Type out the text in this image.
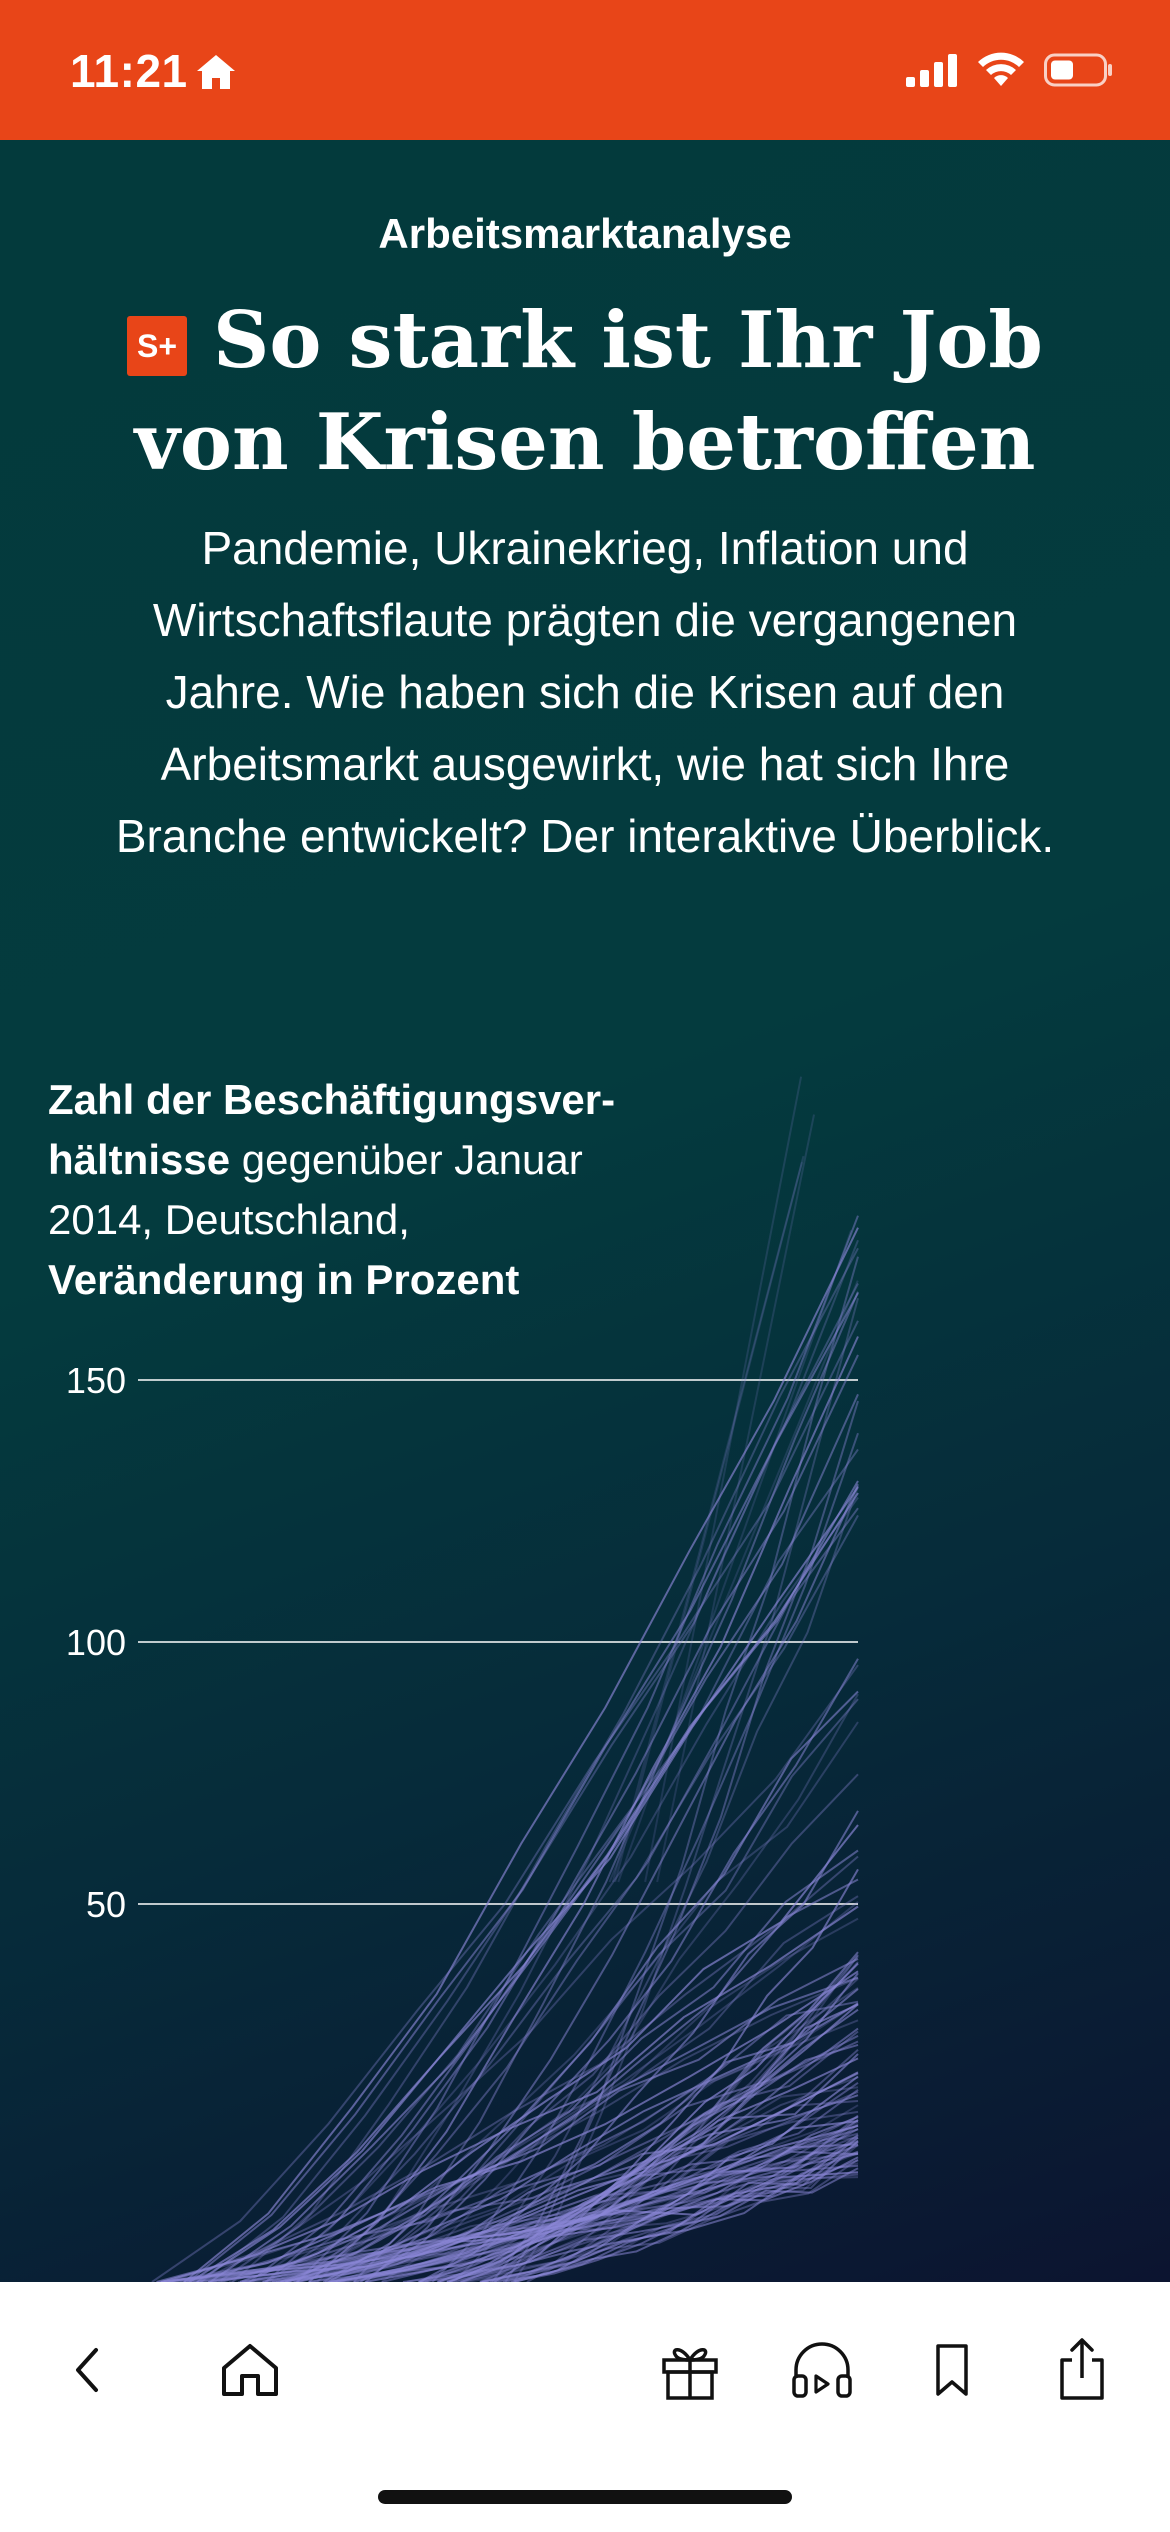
11:21
150
100
50
Arbeitsmarktanalyse
S+ So stark ist Ihr Job von Krisen betroffen
Pandemie, Ukrainekrieg, Inflation und Wirtschaftsflaute prägten die vergangenen Jahre. Wie haben sich die Krisen auf den Arbeitsmarkt ausgewirkt, wie hat sich Ihre Branche entwickelt? Der interaktive Überblick.
Zahl der Beschäftigungsverhältnisse gegenüber Januar 2014, Deutschland,
Veränderung in Prozent
